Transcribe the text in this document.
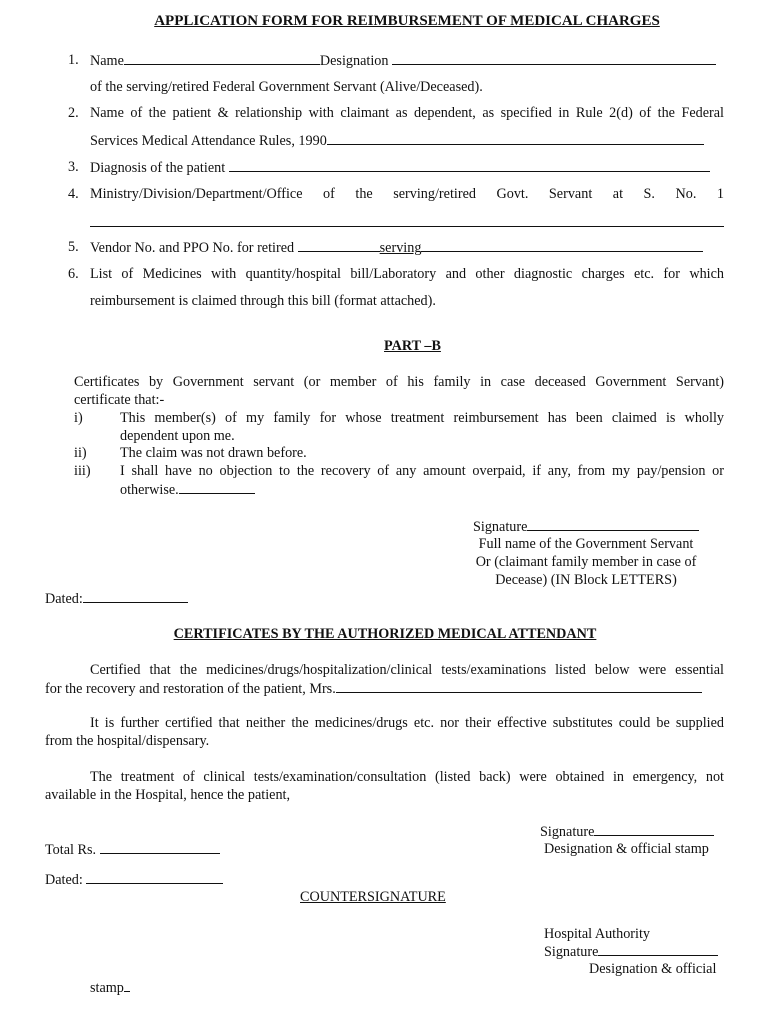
APPLICATION FORM FOR REIMBURSEMENT OF MEDICAL CHARGES
1. Name	Designation
of the serving/retired Federal Government Servant (Alive/Deceased).
2. Name of the patient & relationship with claimant as dependent, as specified in Rule 2(d) of the Federal
Services Medical Attendance Rules, 1990
3. Diagnosis of the patient
4. Ministry/Division/Department/Office of the serving/retired Govt. Servant at S. No. 1
5. Vendor No. and PPO No. for retired	serving
6. List of Medicines with quantity/hospital bill/Laboratory and other diagnostic charges etc. for which
reimbursement is claimed through this bill (format attached).
PART –B
Certificates by Government servant (or member of his family in case deceased Government Servant)
certificate that:-
i)	This member(s) of my family for whose treatment reimbursement has been claimed is wholly
dependent upon me.
ii) The claim was not drawn before.
iii) I shall have no objection to the recovery of any amount overpaid, if any, from my pay/pension or
otherwise.
Signature
Full name of the Government Servant
Or (claimant family member in case of
Decease) (IN Block LETTERS)
Dated:
CERTIFICATES BY THE AUTHORIZED MEDICAL ATTENDANT
Certified that the medicines/drugs/hospitalization/clinical tests/examinations listed below were essential
for the recovery and restoration of the patient, Mrs.
It is further certified that neither the medicines/drugs etc. nor their effective substitutes could be supplied
from the hospital/dispensary.
The treatment of clinical tests/examination/consultation (listed back) were obtained in emergency, not
available in the Hospital, hence the patient,
Signature
Designation & official stamp
Total Rs.
Dated:
COUNTERSIGNATURE
Hospital Authority
Signature
Designation & official
stamp
